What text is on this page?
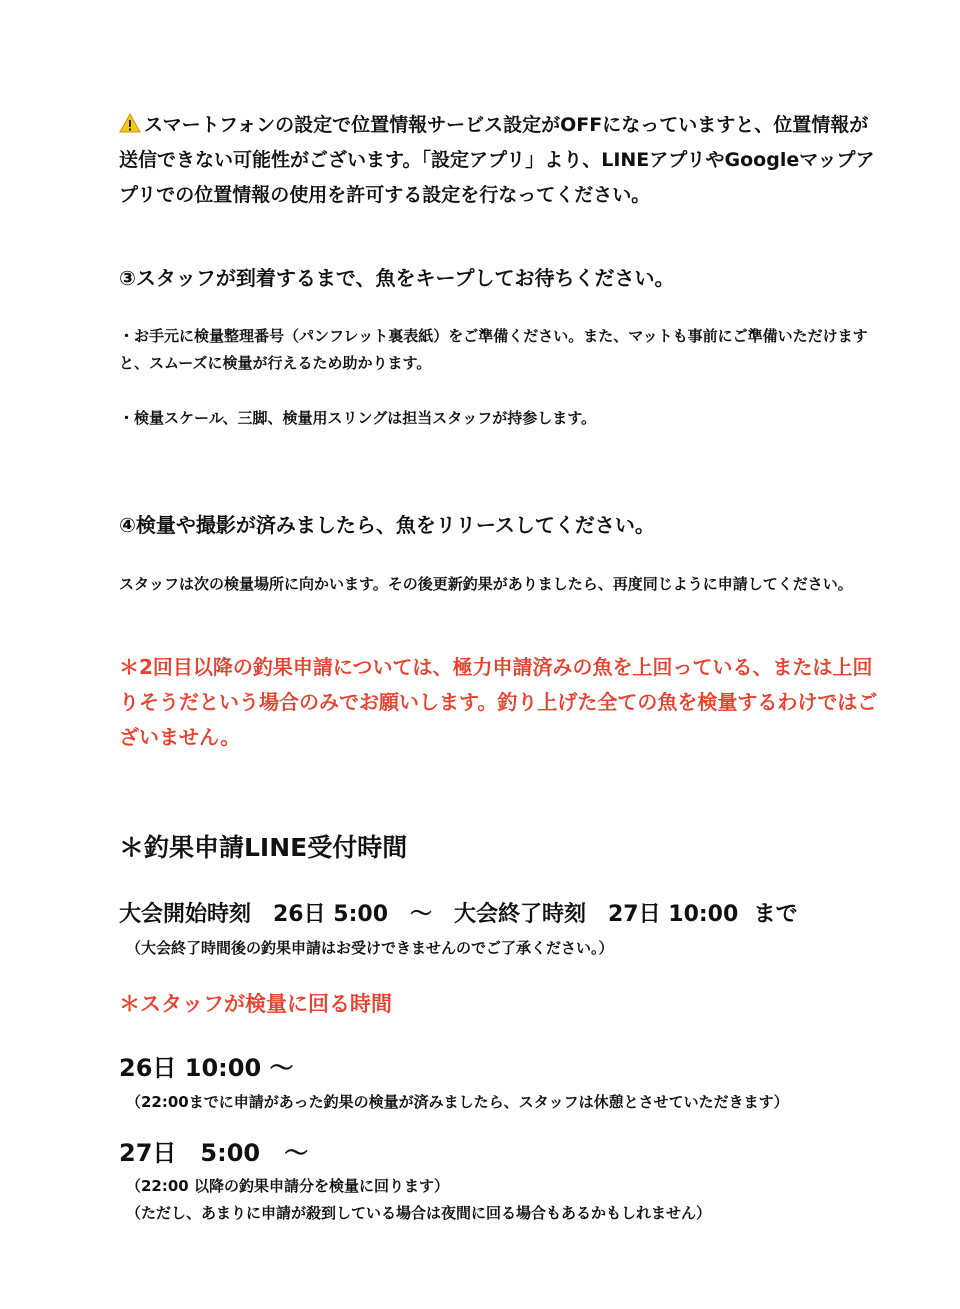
スマートフォンの設定で位置情報サービス設定がOFFになっていますと、位置情報が送信できない可能性がございます。「設定アプリ」より、LINEアプリやGoogleマップアプリでの位置情報の使用を許可する設定を行なってください。

③スタッフが到着するまで、魚をキープしてお待ちください。

・お手元に検量整理番号（パンフレット裏表紙）をご準備ください。また、マットも事前にご準備いただけますと、スムーズに検量が行えるため助かります。

・検量スケール、三脚、検量用スリングは担当スタッフが持参します。

④検量や撮影が済みましたら、魚をリリースしてください。

スタッフは次の検量場所に向かいます。その後更新釣果がありましたら、再度同じように申請してください。

＊2回目以降の釣果申請については、極力申請済みの魚を上回っている、または上回りそうだという場合のみでお願いします。釣り上げた全ての魚を検量するわけではございません。

＊釣果申請LINE受付時間

大会開始時刻　26日 5:00　〜　大会終了時刻　27日 10:00  まで

（大会終了時間後の釣果申請はお受けできませんのでご了承ください。）

＊スタッフが検量に回る時間

26日 10:00 〜

（22:00までに申請があった釣果の検量が済みましたら、スタッフは休憩とさせていただきます）

27日　5:00　〜

（22:00 以降の釣果申請分を検量に回ります）
（ただし、あまりに申請が殺到している場合は夜間に回る場合もあるかもしれません）
